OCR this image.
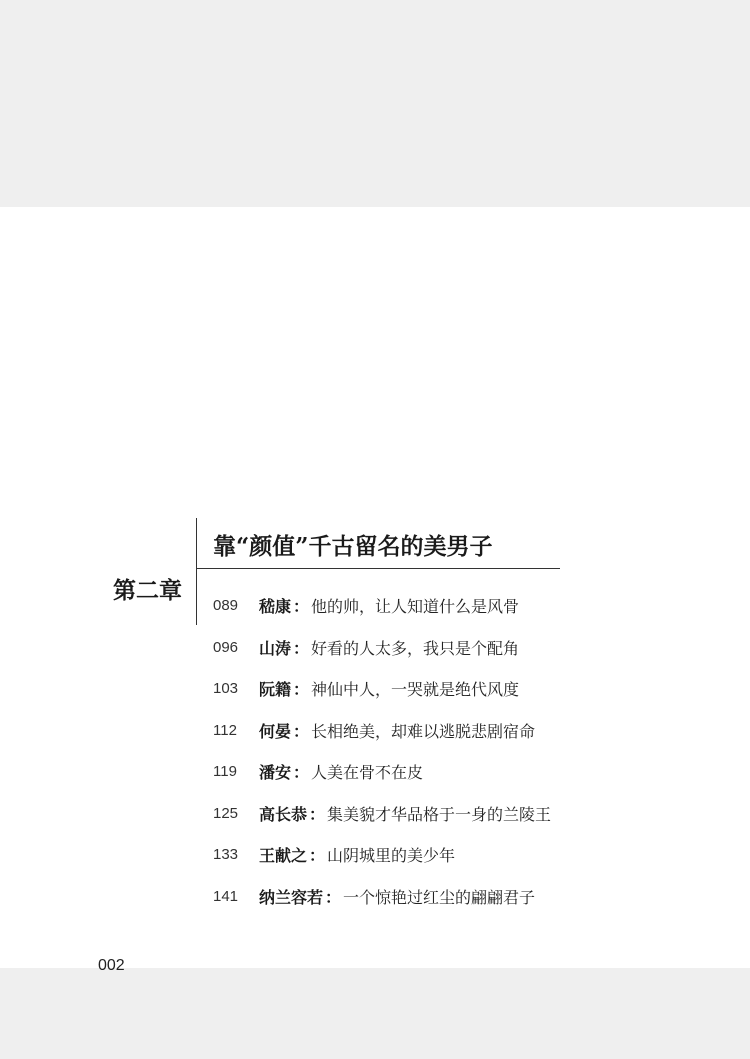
第二章
靠“颜值”千古留名的美男子
089	嵇康 ： 他的帅，让人知道什么是风骨
096	山涛 ： 好看的人太多，我只是个配角
103	阮籍 ： 神仙中人，一哭就是绝代风度
112	何晏 ： 长相绝美，却难以逃脱悲剧宿命
119	潘安 ： 人美在骨不在皮
125	高长恭 ： 集美貌才华品格于一身的兰陵王
133	王献之 ： 山阴城里的美少年
141	纳兰容若 ： 一个惊艳过红尘的翩翩君子
002
